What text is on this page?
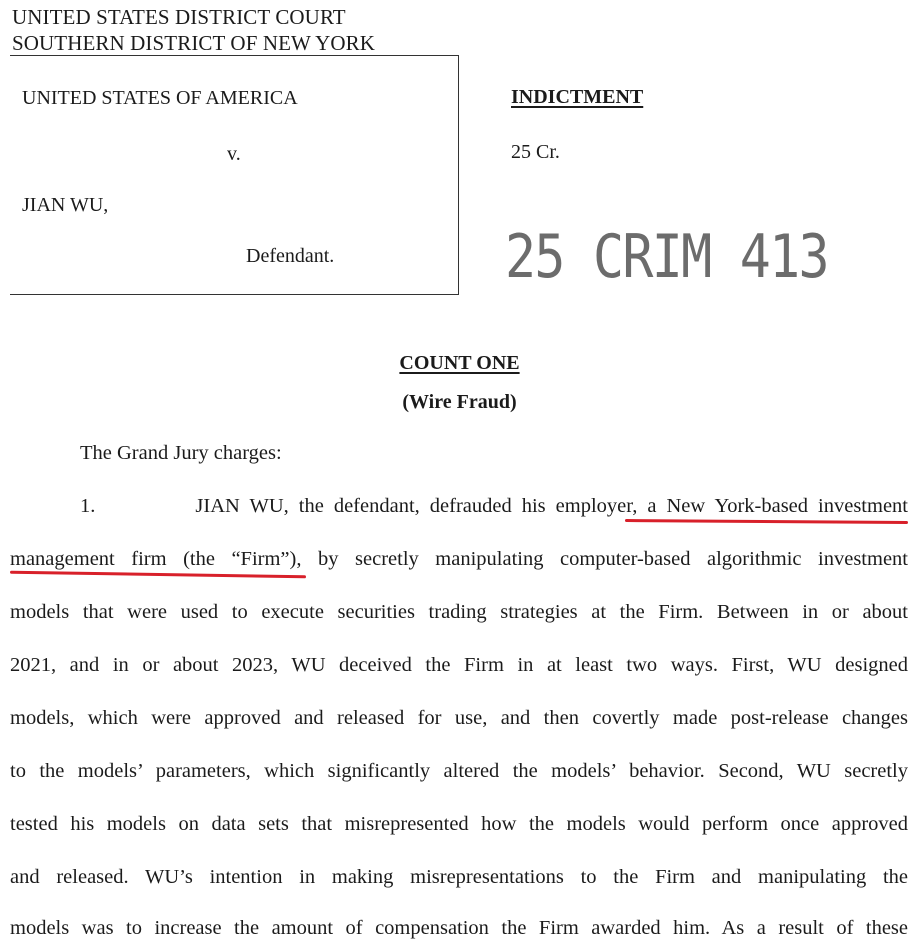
UNITED STATES DISTRICT COURT
SOUTHERN DISTRICT OF NEW YORK
UNITED STATES OF AMERICA
v.
JIAN WU,
Defendant.
INDICTMENT
25 Cr.
25 CRIM 413
COUNT ONE
(Wire Fraud)
The Grand Jury charges:
1.          JIAN WU, the defendant, defrauded his employer, a New York-based investment
management firm (the “Firm”), by secretly manipulating computer-based algorithmic investment
models that were used to execute securities trading strategies at the Firm. Between in or about
2021, and in or about 2023, WU deceived the Firm in at least two ways. First, WU designed
models, which were approved and released for use, and then covertly made post-release changes
to the models’ parameters, which significantly altered the models’ behavior. Second, WU secretly
tested his models on data sets that misrepresented how the models would perform once approved
and released. WU’s intention in making misrepresentations to the Firm and manipulating the
models was to increase the amount of compensation the Firm awarded him. As a result of these
